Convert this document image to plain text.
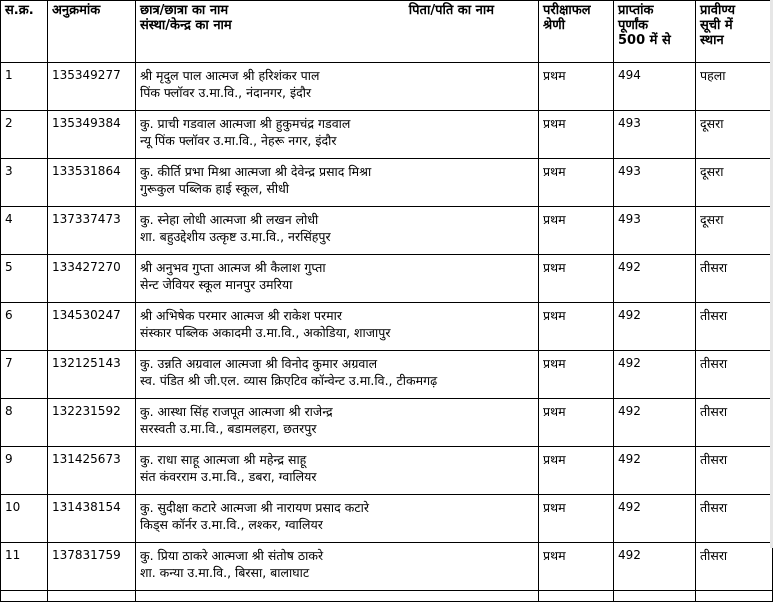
स.क्र.	अनुक्रमांक	छात्र/छात्रा का नाम पिता/पति का नाम
संस्था/केन्द्र का नाम	परीक्षाफल
श्रेणी	प्राप्तांक
पूर्णांक
500 में से	प्रावीण्य
सूची में
स्थान

1	135349277	श्री मृदुल पाल आत्मज श्री हरिशंकर पाल
पिंक फ्लॉवर उ.मा.वि., नंदानगर, इंदौर	प्रथम	494	पहला
2	135349384	कु. प्राची गडवाल आत्मजा श्री हुकुमचंद्र गडवाल
न्यू पिंक फ्लॉवर उ.मा.वि., नेहरू नगर, इंदौर	प्रथम	493	दूसरा
3	133531864	कु. कीर्ति प्रभा मिश्रा आत्मजा श्री देवेन्द्र प्रसाद मिश्रा
गुरूकुल पब्लिक हाई स्कूल, सीधी	प्रथम	493	दूसरा
4	137337473	कु. स्नेहा लोधी आत्मजा श्री लखन लोधी
शा. बहुउद्देशीय उत्कृष्ट उ.मा.वि., नरसिंहपुर	प्रथम	493	दूसरा
5	133427270	श्री अनुभव गुप्ता आत्मज श्री कैलाश गुप्ता
सेन्ट जेवियर स्कूल मानपुर उमरिया	प्रथम	492	तीसरा
6	134530247	श्री अभिषेक परमार आत्मज श्री राकेश परमार
संस्कार पब्लिक अकादमी उ.मा.वि., अकोडिया, शाजापुर	प्रथम	492	तीसरा
7	132125143	कु. उन्नति अग्रवाल आत्मजा श्री विनोद कुमार अग्रवाल
स्व. पंडित श्री जी.एल. व्यास क्रिएटिव कॉन्वेन्ट उ.मा.वि., टीकमगढ़	प्रथम	492	तीसरा
8	132231592	कु. आस्था सिंह राजपूत आत्मजा श्री राजेन्द्र
सरस्वती उ.मा.वि., बडामलहरा, छतरपुर	प्रथम	492	तीसरा
9	131425673	कु. राधा साहू आत्मजा श्री महेन्द्र साहू
संत कंवरराम उ.मा.वि., डबरा, ग्वालियर	प्रथम	492	तीसरा
10	131438154	कु. सुदीक्षा कटारे आत्मजा श्री नारायण प्रसाद कटारे
किड्स कॉर्नर उ.मा.वि., लश्कर, ग्वालियर	प्रथम	492	तीसरा
11	137831759	कु. प्रिया ठाकरे आत्मजा श्री संतोष ठाकरे
शा. कन्या उ.मा.वि., बिरसा, बालाघाट	प्रथम	492	तीसरा
